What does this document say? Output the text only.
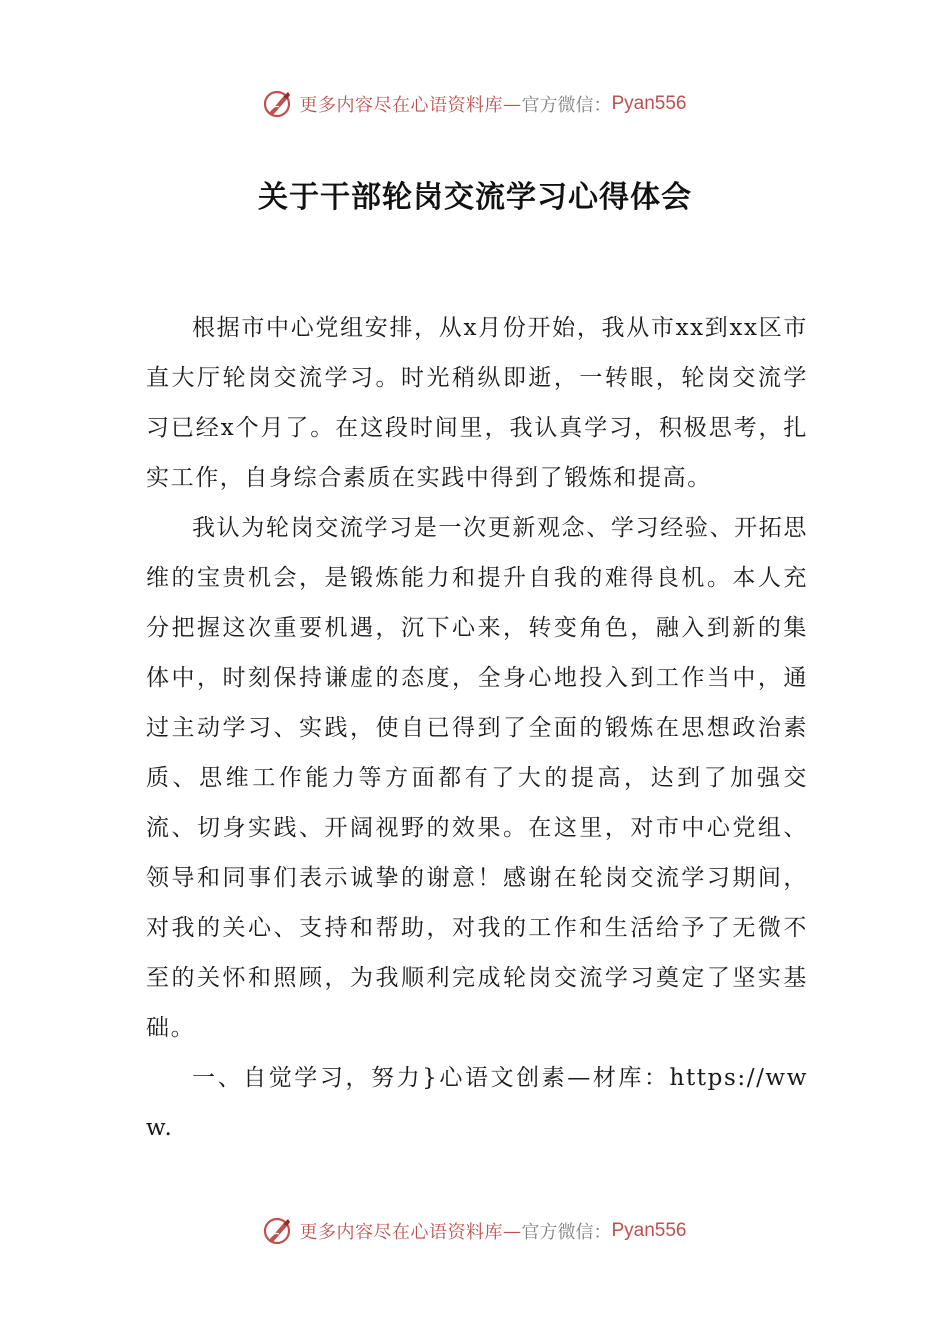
更多内容尽在心语资料库 — 官方微信： Pyan556
关于干部轮岗交流学习心得体会

根据市中心党组安排，从x月份开始，我从市xx到xx区市直大厅轮岗交流学习。时光稍纵即逝，一转眼，轮岗交流学习已经x个月了。在这段时间里，我认真学习，积极思考，扎实工作，自身综合素质在实践中得到了锻炼和提高。

我认为轮岗交流学习是一次更新观念、学习经验、开拓思维的宝贵机会，是锻炼能力和提升自我的难得良机。本人充分把握这次重要机遇，沉下心来，转变角色，融入到新的集体中，时刻保持谦虚的态度，全身心地投入到工作当中，通过主动学习、实践，使自已得到了全面的锻炼在思想政治素质、思维工作能力等方面都有了大的提高，达到了加强交流、切身实践、开阔视野的效果。在这里，对市中心党组、领导和同事们表示诚挚的谢意！感谢在轮岗交流学习期间，对我的关心、支持和帮助，对我的工作和生活给予了无微不至的关怀和照顾，为我顺利完成轮岗交流学习奠定了坚实基础。

一、自觉学习，努力}心语文创素—材库：https://www.

更多内容尽在心语资料库 — 官方微信： Pyan556
